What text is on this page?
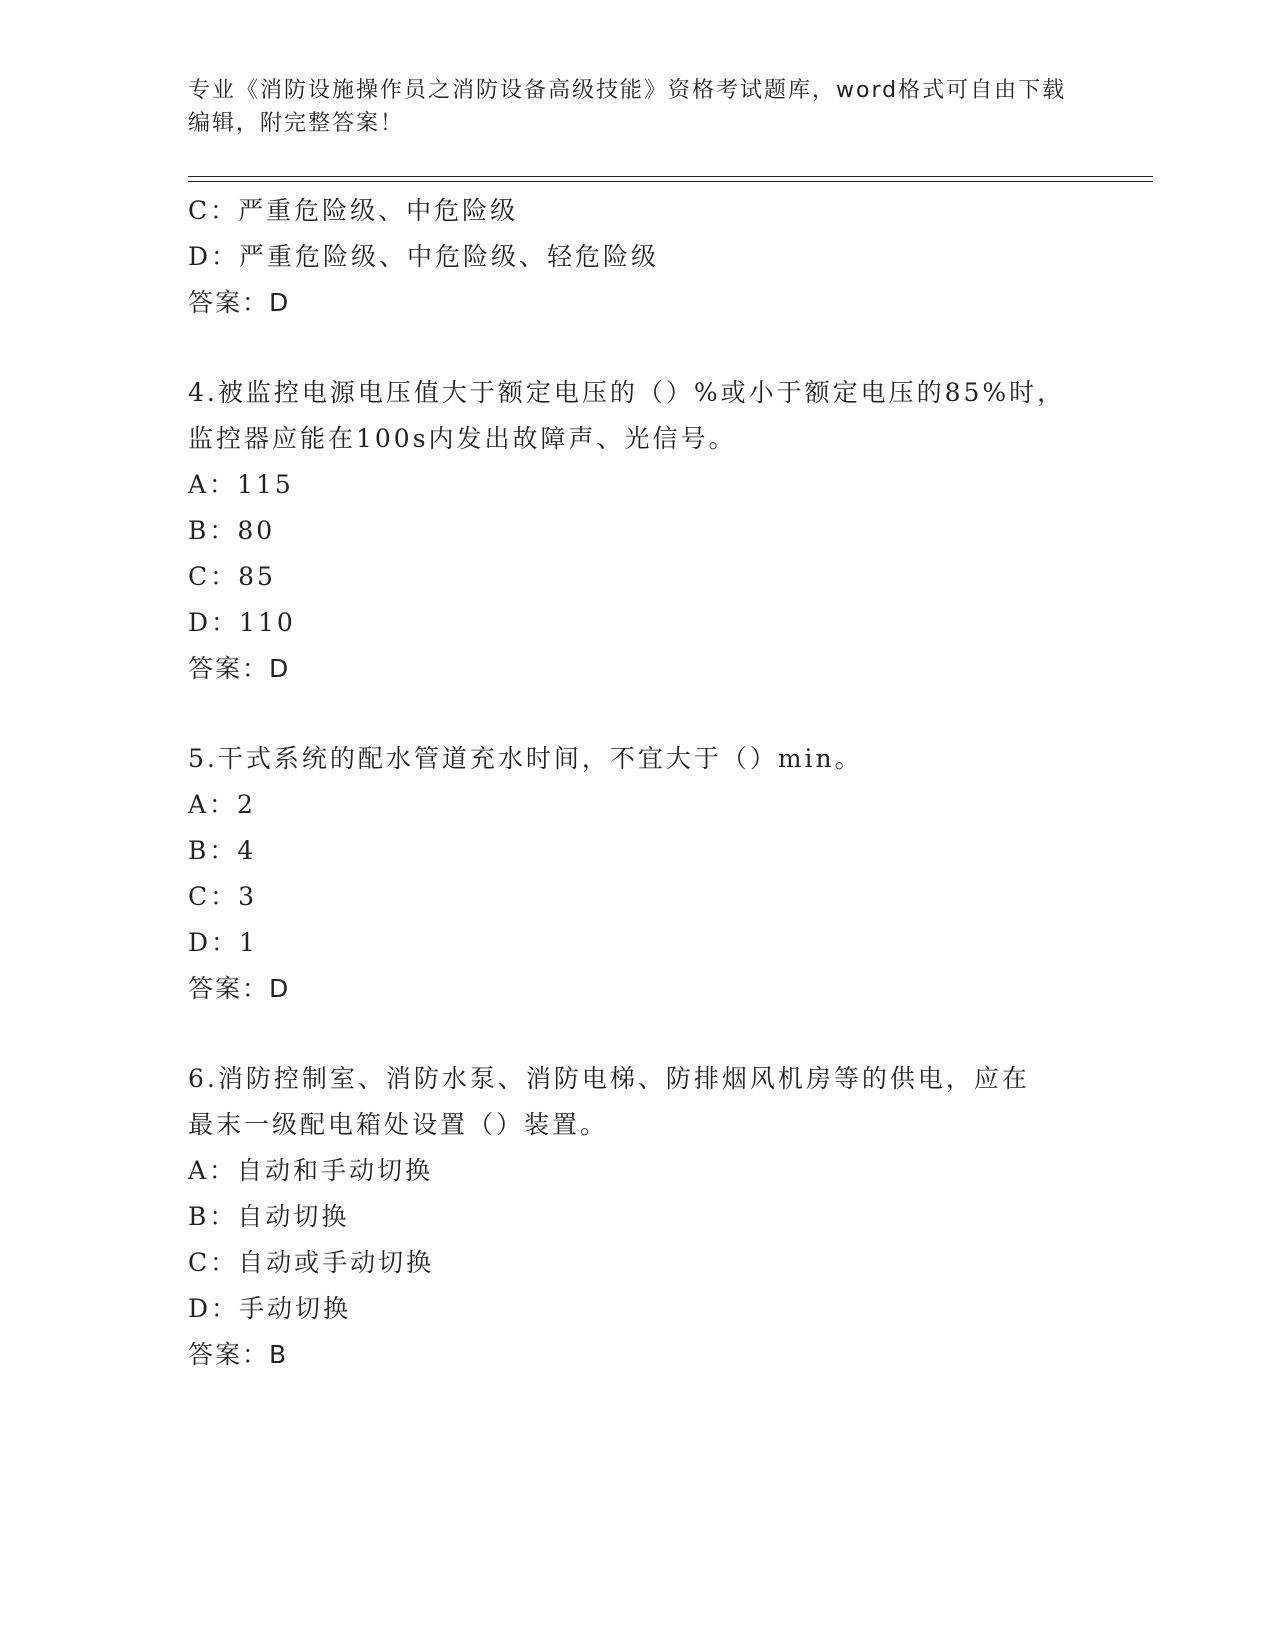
专业《消防设施操作员之消防设备高级技能》资格考试题库，word格式可自由下载编辑，附完整答案！
C：严重危险级、中危险级
D：严重危险级、中危险级、轻危险级
答案：D
4.被监控电源电压值大于额定电压的（）%或小于额定电压的85%时，
监控器应能在100s内发出故障声、光信号。
A：115
B：80
C：85
D：110
答案：D
5.干式系统的配水管道充水时间，不宜大于（）min。
A：2
B：4
C：3
D：1
答案：D
6.消防控制室、消防水泵、消防电梯、防排烟风机房等的供电，应在
最末一级配电箱处设置（）装置。
A：自动和手动切换
B：自动切换
C：自动或手动切换
D：手动切换
答案：B
